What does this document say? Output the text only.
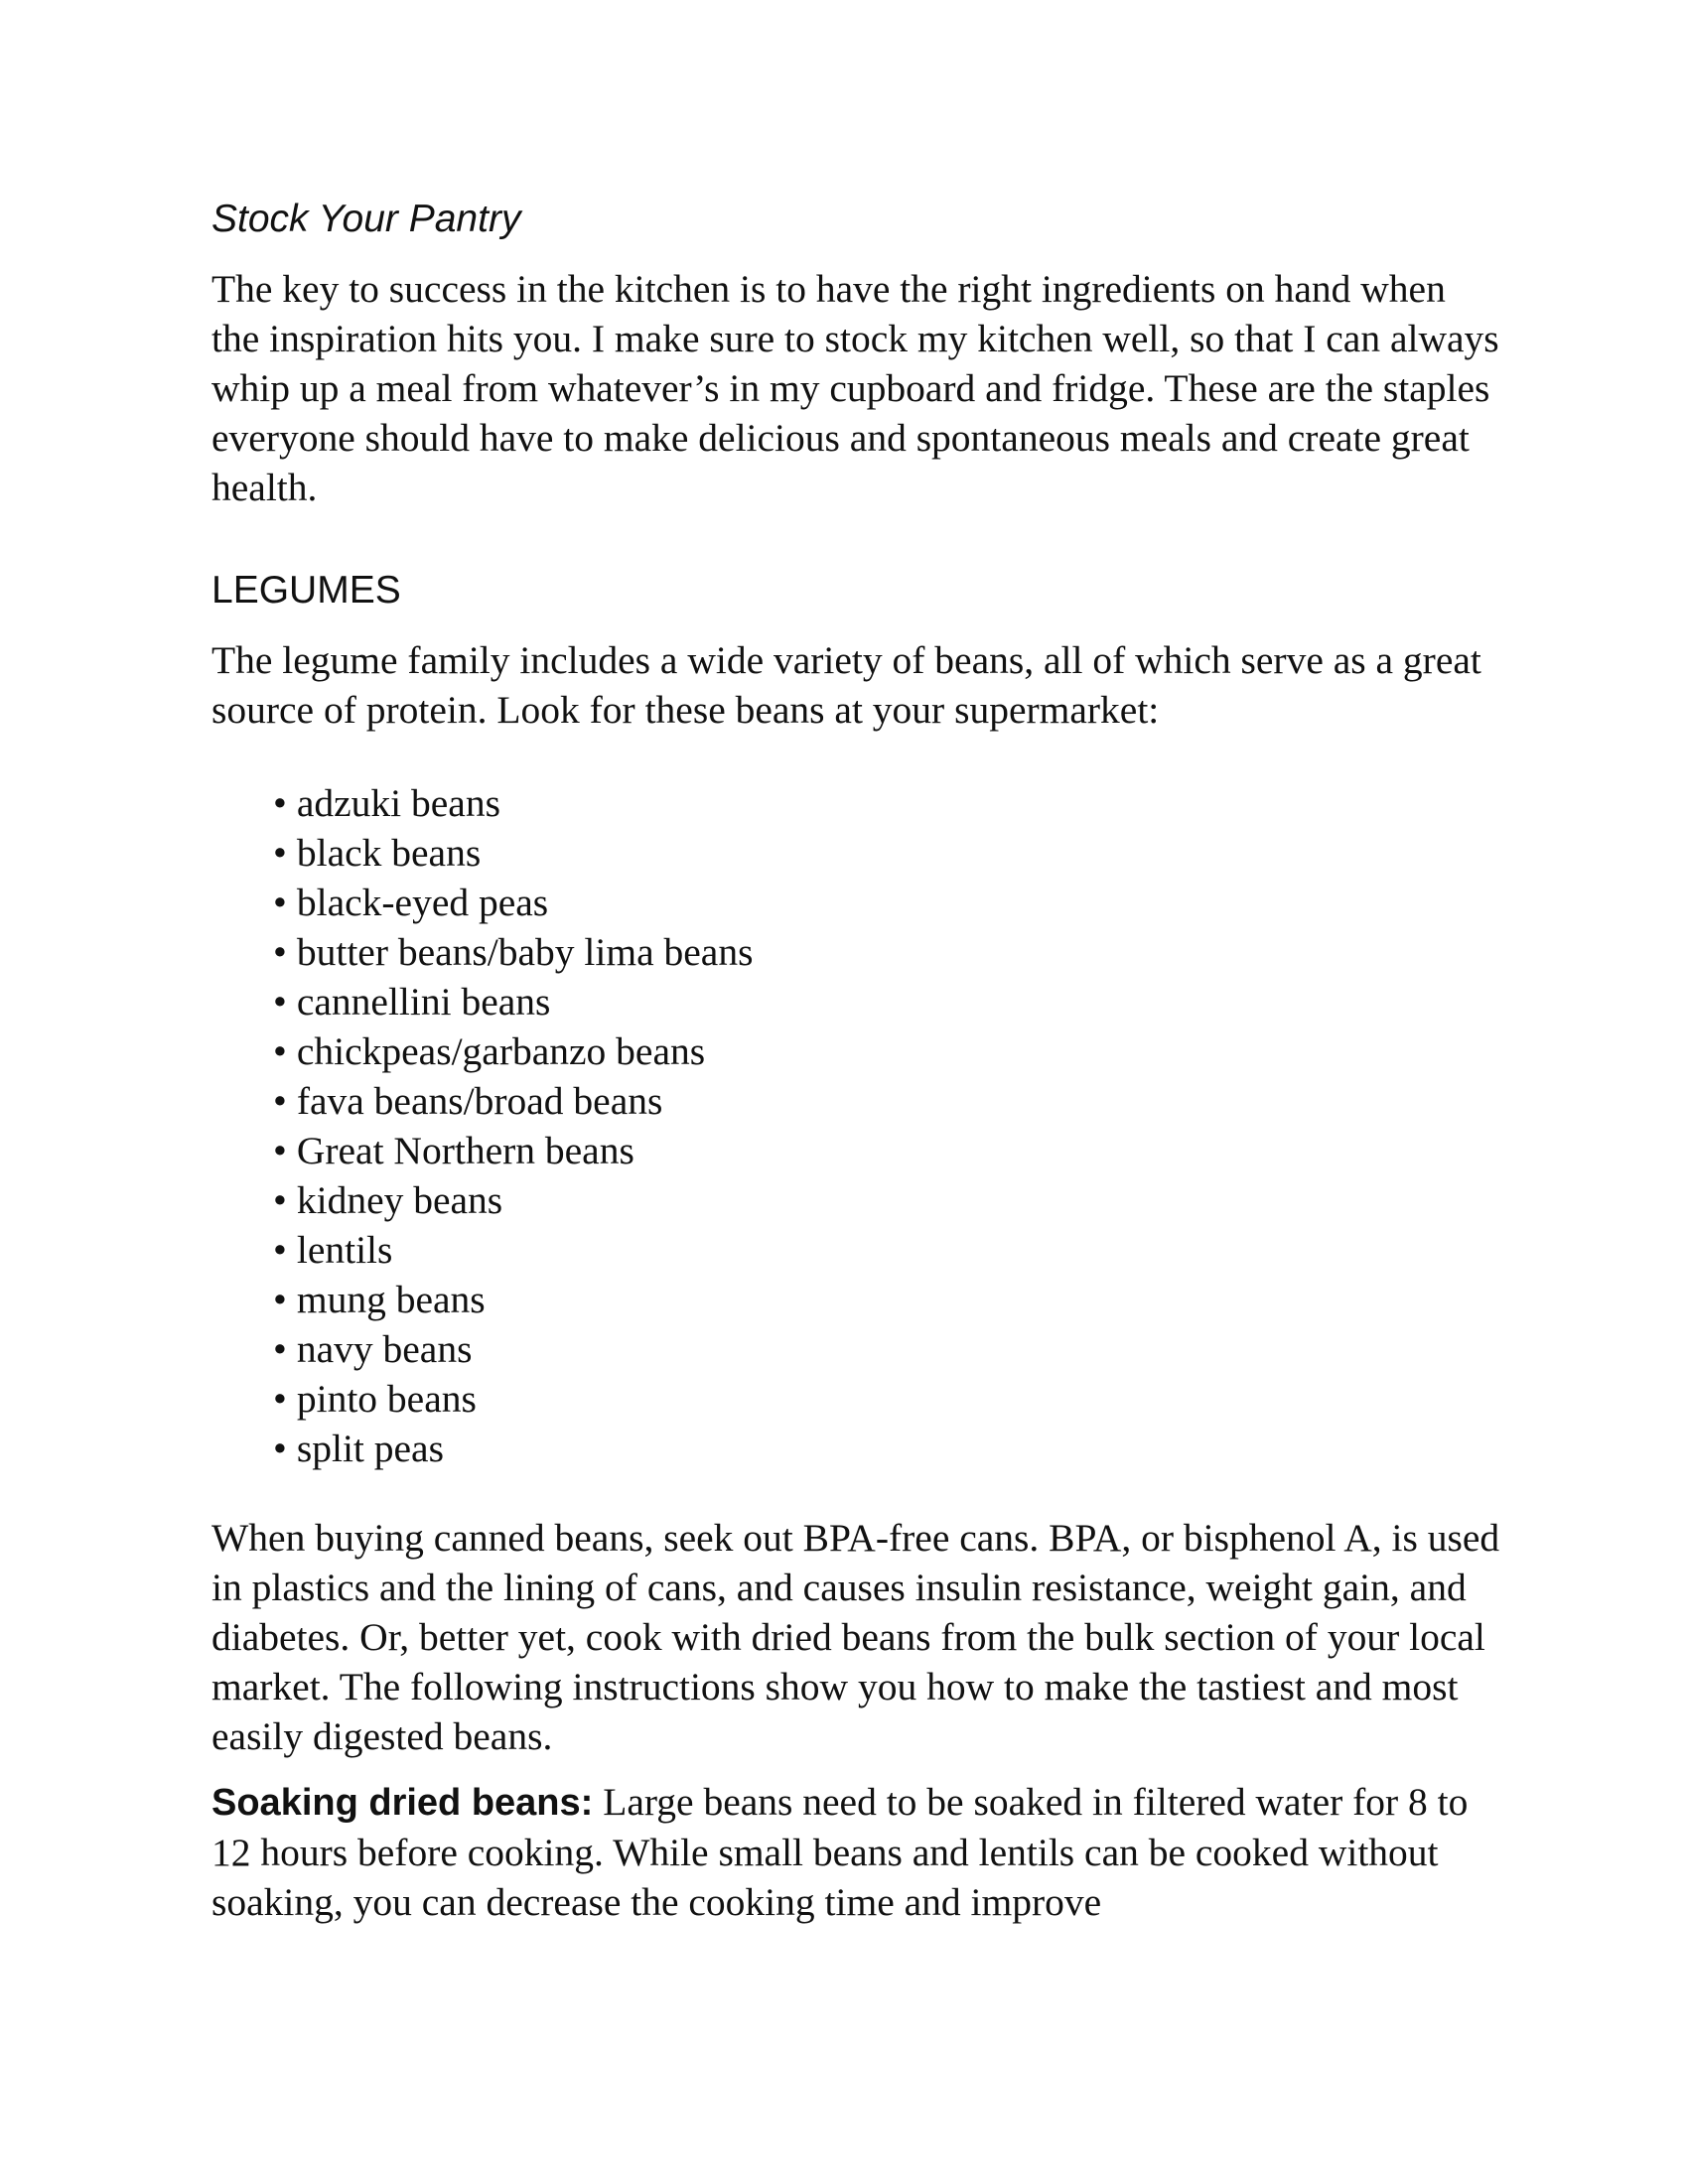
Stock Your Pantry

The key to success in the kitchen is to have the right ingredients on hand when the inspiration hits you. I make sure to stock my kitchen well, so that I can always whip up a meal from whatever’s in my cupboard and fridge. These are the staples everyone should have to make delicious and spontaneous meals and create great health.

LEGUMES

The legume family includes a wide variety of beans, all of which serve as a great source of protein. Look for these beans at your supermarket:

• adzuki beans
• black beans
• black-eyed peas
• butter beans/baby lima beans
• cannellini beans
• chickpeas/garbanzo beans
• fava beans/broad beans
• Great Northern beans
• kidney beans
• lentils
• mung beans
• navy beans
• pinto beans
• split peas

When buying canned beans, seek out BPA-free cans. BPA, or bisphenol A, is used in plastics and the lining of cans, and causes insulin resistance, weight gain, and diabetes. Or, better yet, cook with dried beans from the bulk section of your local market. The following instructions show you how to make the tastiest and most easily digested beans.

Soaking dried beans: Large beans need to be soaked in filtered water for 8 to 12 hours before cooking. While small beans and lentils can be cooked without soaking, you can decrease the cooking time and improve
